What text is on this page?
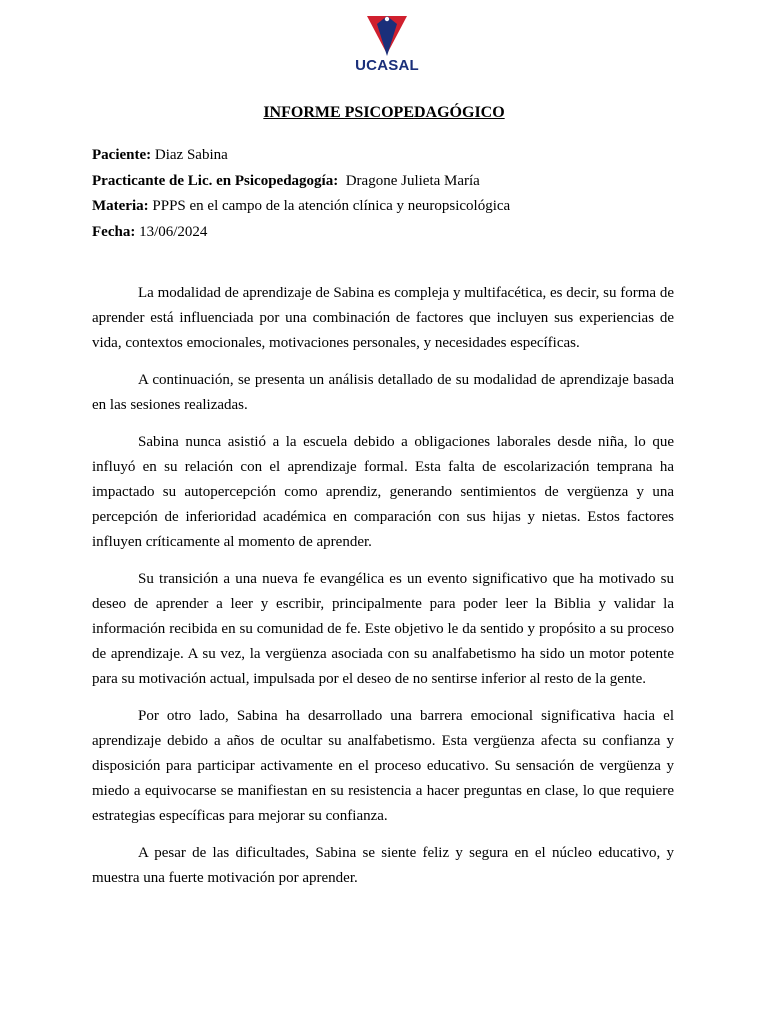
UCASAL
INFORME PSICOPEDAGÓGICO
Paciente: Diaz Sabina
Practicante de Lic. en Psicopedagogía:  Dragone Julieta María
Materia: PPPS en el campo de la atención clínica y neuropsicológica
Fecha: 13/06/2024

La modalidad de aprendizaje de Sabina es compleja y multifacética, es decir, su forma de aprender está influenciada por una combinación de factores que incluyen sus experiencias de vida, contextos emocionales, motivaciones personales, y necesidades específicas.

A continuación, se presenta un análisis detallado de su modalidad de aprendizaje basada en las sesiones realizadas.

Sabina nunca asistió a la escuela debido a obligaciones laborales desde niña, lo que influyó en su relación con el aprendizaje formal. Esta falta de escolarización temprana ha impactado su autopercepción como aprendiz, generando sentimientos de vergüenza y una percepción de inferioridad académica en comparación con sus hijas y nietas. Estos factores influyen críticamente al momento de aprender.

Su transición a una nueva fe evangélica es un evento significativo que ha motivado su deseo de aprender a leer y escribir, principalmente para poder leer la Biblia y validar la información recibida en su comunidad de fe. Este objetivo le da sentido y propósito a su proceso de aprendizaje. A su vez, la vergüenza asociada con su analfabetismo ha sido un motor potente para su motivación actual, impulsada por el deseo de no sentirse inferior al resto de la gente.

Por otro lado, Sabina ha desarrollado una barrera emocional significativa hacia el aprendizaje debido a años de ocultar su analfabetismo. Esta vergüenza afecta su confianza y disposición para participar activamente en el proceso educativo. Su sensación de vergüenza y miedo a equivocarse se manifiestan en su resistencia a hacer preguntas en clase, lo que requiere estrategias específicas para mejorar su confianza.

A pesar de las dificultades, Sabina se siente feliz y segura en el núcleo educativo, y muestra una fuerte motivación por aprender.
